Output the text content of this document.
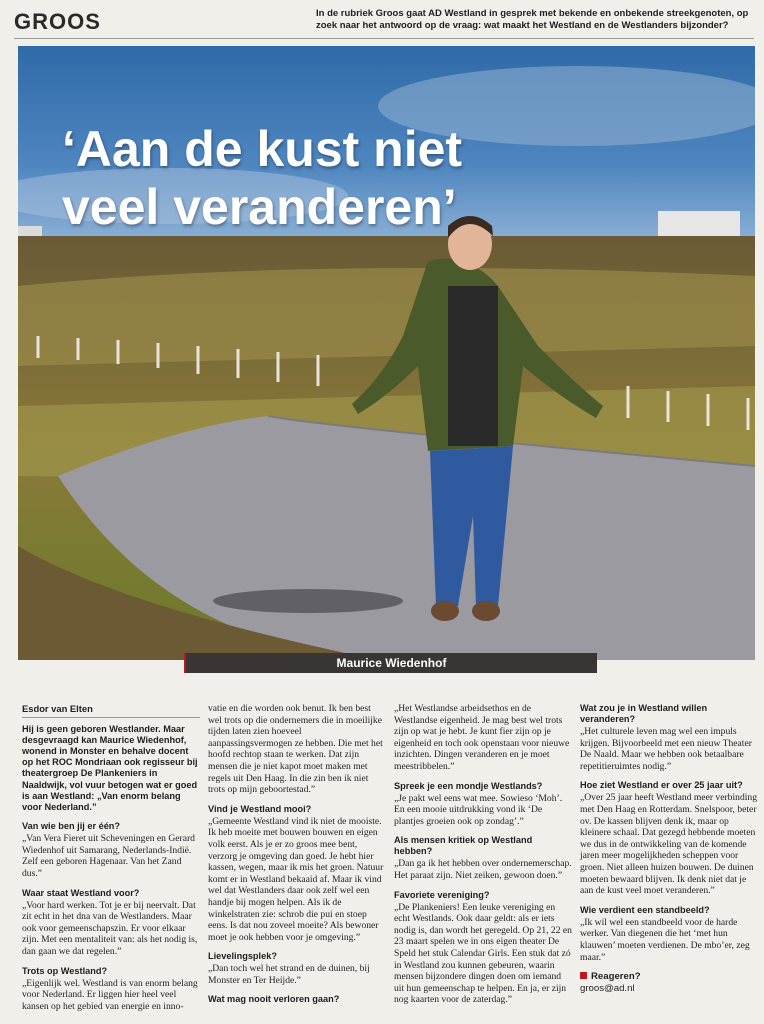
GROOS	In de rubriek Groos gaat AD Westland in gesprek met bekende en onbekende streekgenoten, op zoek naar het antwoord op de vraag: wat maakt het Westland en de Westlanders bijzonder?
‘Aan de kust niet
veel veranderen’
Maurice Wiedenhof
Esdor van Elten

Hij is geen geboren Westlander. Maar desgevraagd kan Maurice Wiedenhof, wonend in Monster en behalve docent op het ROC Mondriaan ook regisseur bij theatergroep De Plankeniers in Naaldwijk, vol vuur betogen wat er goed is aan Westland: „Van enorm belang voor Nederland.”

Van wie ben jij er één?

„Van Vera Fieret uit Scheveningen en Gerard Wiedenhof uit Samarang, Nederlands-Indië. Zelf een geboren Hagenaar. Van het Zand dus.”

Waar staat Westland voor?

„Voor hard werken. Tot je er bij neervalt. Dat zit echt in het dna van de Westlanders. Maar ook voor gemeenschapszin. Er voor elkaar zijn. Met een mentaliteit van: als het nodig is, dan gaan we dat regelen.”

Trots op Westland?

„Eigenlijk wel. Westland is van enorm belang voor Nederland. Er liggen hier heel veel kansen op het gebied van energie en inno-

vatie en die worden ook benut. Ik ben best wel trots op die ondernemers die in moeilijke tijden laten zien hoeveel aanpassingsvermogen ze hebben. Die met het hoofd rechtop staan te werken. Dat zijn mensen die je niet kapot moet maken met regels uit Den Haag. In die zin ben ik niet trots op mijn geboortestad.”

Vind je Westland mooi?

„Gemeente Westland vind ik niet de mooiste. Ik heb moeite met bouwen bouwen en eigen volk eerst. Als je er zo groos mee bent, verzorg je omgeving dan goed. Je hebt hier kassen, wegen, maar ik mis het groen. Natuur komt er in Westland bekaaid af. Maar ik vind wel dat Westlanders daar ook zelf wel een handje bij mogen helpen. Als ik de winkelstraten zie: schrob die pui en stoep eens. Is dat nou zoveel moeite? Als bewoner moet je ook hebben voor je omgeving.”

Lievelingsplek?

„Dan toch wel het strand en de duinen, bij Monster en Ter Heijde.”

Wat mag nooit verloren gaan?

„Het Westlandse arbeidsethos en de Westlandse eigenheid. Je mag best wel trots zijn op wat je hebt. Je kunt fier zijn op je eigenheid en toch ook openstaan voor nieuwe inzichten. Dingen veranderen en je moet meestribbelen.”

Spreek je een mondje Westlands?

„Je pakt wel eens wat mee. Sowieso ‘Moh’. En een mooie uitdrukking vond ik ‘De plantjes groeien ook op zondag’.”

Als mensen kritiek op Westland hebben?

„Dan ga ik het hebben over ondernemerschap. Het paraat zijn. Niet zeiken, gewoon doen.”

Favoriete vereniging?

„De Plankeniers! Een leuke vereniging en echt Westlands. Ook daar geldt: als er iets nodig is, dan wordt het geregeld. Op 21, 22 en 23 maart spelen we in ons eigen theater De Speld het stuk Calendar Girls. Een stuk dat zó in Westland zou kunnen gebeuren, waarin mensen bijzondere dingen doen om iemand uit hun gemeenschap te helpen. En ja, er zijn nog kaarten voor de zaterdag.”

Wat zou je in Westland willen veranderen?

„Het culturele leven mag wel een impuls krijgen. Bijvoorbeeld met een nieuw Theater De Naald. Maar we hebben ook betaalbare repetitieruimtes nodig.”

Hoe ziet Westland er over 25 jaar uit?

„Over 25 jaar heeft Westland meer verbinding met Den Haag en Rotterdam. Snelspoor, beter ov. De kassen blijven denk ik, maar op kleinere schaal. Dat gezegd hebbende moeten we dus in de ontwikkeling van de komende jaren meer mogelijkheden scheppen voor groen. Niet alleen huizen bouwen. De duinen moeten bewaard blijven. Ik denk niet dat je aan de kust veel moet veranderen.”

Wie verdient een standbeeld?

„Ik wil wel een standbeeld voor de harde werker. Van diegenen die het ‘met hun klauwen’ moeten verdienen. De mbo’er, zeg maar.”

Reageren?
groos@ad.nl
